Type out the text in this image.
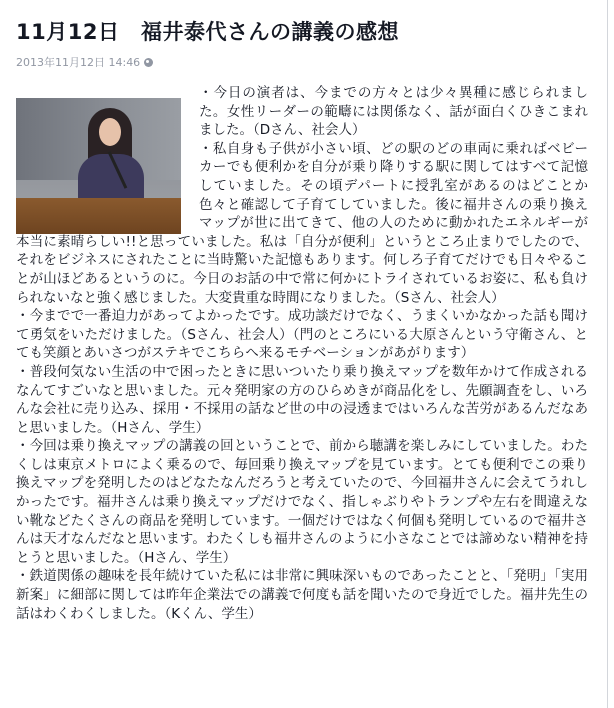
11月12日　福井泰代さんの講義の感想
2013年11月12日 14:46

・今日の演者は、今までの方々とは少々異種に感じられました。女性リーダーの範疇には関係なく、話が面白くひきこまれました。（Dさん、社会人）

・私自身も子供が小さい頃、どの駅のどの車両に乗ればベビーカーでも便利かを自分が乗り降りする駅に関してはすべて記憶していました。その頃デパートに授乳室があるのはどことか色々と確認して子育てしていました。後に福井さんの乗り換えマップが世に出てきて、他の人のために動かれたエネルギーが本当に素晴らしい!!と思っていました。私は「自分が便利」というところ止まりでしたので、それをビジネスにされたことに当時驚いた記憶もあります。何しろ子育てだけでも日々やることが山ほどあるというのに。今日のお話の中で常に何かにトライされているお姿に、私も負けられないなと強く感じました。大変貴重な時間になりました。（Sさん、社会人）

・今までで一番迫力があってよかったです。成功談だけでなく、うまくいかなかった話も聞けて勇気をいただけました。（Sさん、社会人）（門のところにいる大原さんという守衛さん、とても笑顔とあいさつがステキでこちらへ来るモチベーションがあがります）

・普段何気ない生活の中で困ったときに思いついたり乗り換えマップを数年かけて作成されるなんてすごいなと思いました。元々発明家の方のひらめきが商品化をし、先願調査をし、いろんな会社に売り込み、採用・不採用の話など世の中の浸透まではいろんな苦労があるんだなあと思いました。（Hさん、学生）

・今回は乗り換えマップの講義の回ということで、前から聴講を楽しみにしていました。わたくしは東京メトロによく乗るので、毎回乗り換えマップを見ています。とても便利でこの乗り換えマップを発明したのはどなたなんだろうと考えていたので、今回福井さんに会えてうれしかったです。福井さんは乗り換えマップだけでなく、指しゃぶりやトランプや左右を間違えない靴などたくさんの商品を発明しています。一個だけではなく何個も発明しているので福井さんは天才なんだなと思います。わたくしも福井さんのように小さなことでは諦めない精神を持とうと思いました。（Hさん、学生）

・鉄道関係の趣味を長年続けていた私には非常に興味深いものであったことと、「発明」「実用新案」に細部に関しては昨年企業法での講義で何度も話を聞いたので身近でした。福井先生の話はわくわくしました。（Kくん、学生）
